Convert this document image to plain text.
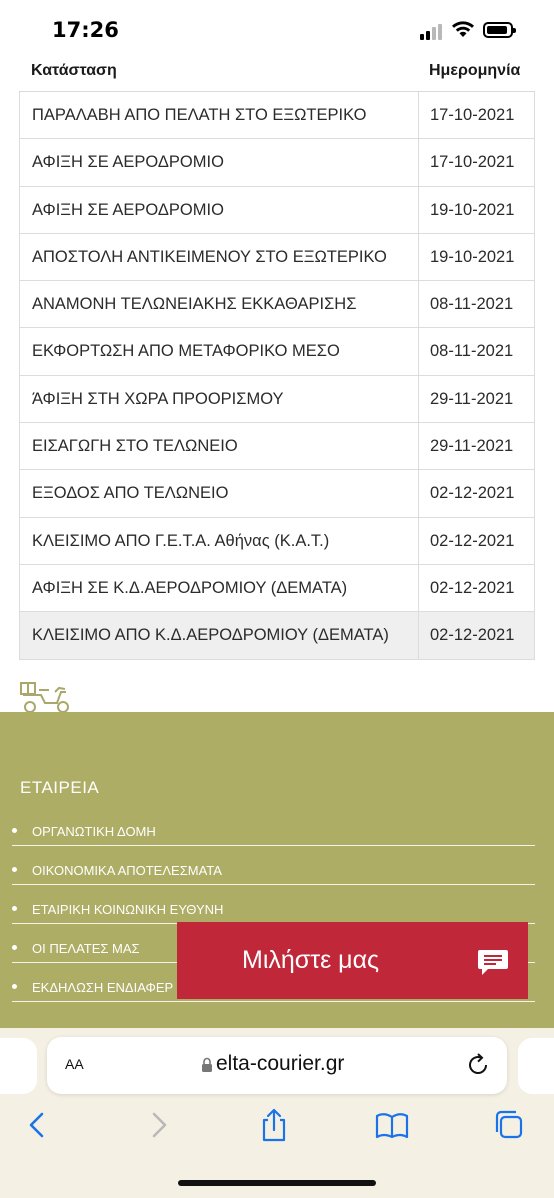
17:26
Κατάσταση	Ημερομηνία
ΠΑΡΑΛΑΒΗ ΑΠΟ ΠΕΛΑΤΗ ΣΤΟ ΕΞΩΤΕΡΙΚΟ	17-10-2021
ΑΦΙΞΗ ΣΕ ΑΕΡΟΔΡΟΜΙΟ	17-10-2021
ΑΦΙΞΗ ΣΕ ΑΕΡΟΔΡΟΜΙΟ	19-10-2021
ΑΠΟΣΤΟΛΗ ΑΝΤΙΚΕΙΜΕΝΟΥ ΣΤΟ ΕΞΩΤΕΡΙΚΟ	19-10-2021
ΑΝΑΜΟΝΗ ΤΕΛΩΝΕΙΑΚΗΣ ΕΚΚΑΘΑΡΙΣΗΣ	08-11-2021
ΕΚΦΟΡΤΩΣΗ ΑΠΟ ΜΕΤΑΦΟΡΙΚΟ ΜΕΣΟ	08-11-2021
ΆΦΙΞΗ ΣΤΗ ΧΩΡΑ ΠΡΟΟΡΙΣΜΟΥ	29-11-2021
ΕΙΣΑΓΩΓΗ ΣΤΟ ΤΕΛΩΝΕΙΟ	29-11-2021
ΕΞΟΔΟΣ ΑΠΟ ΤΕΛΩΝΕΙΟ	02-12-2021
ΚΛΕΙΣΙΜΟ ΑΠΟ Γ.Ε.Τ.Α. Αθήνας (Κ.Α.Τ.)	02-12-2021
ΑΦΙΞΗ ΣΕ Κ.Δ.ΑΕΡΟΔΡΟΜΙΟΥ (ΔΕΜΑΤΑ)	02-12-2021
ΚΛΕΙΣΙΜΟ ΑΠΟ Κ.Δ.ΑΕΡΟΔΡΟΜΙΟΥ (ΔΕΜΑΤΑ) 02-12-2021
ΕΤΑΙΡΕΙΑ
ΟΡΓΑΝΩΤΙΚΗ ΔΟΜΗ
ΟΙΚΟΝΟΜΙΚΑ ΑΠΟΤΕΛΕΣΜΑΤΑ
ΕΤΑΙΡΙΚΗ ΚΟΙΝΩΝΙΚΗ ΕΥΘΥΝΗ
ΟΙ ΠΕΛΑΤΕΣ ΜΑΣ
ΕΚΔΗΛΩΣΗ ΕΝΔΙΑΦΕΡ
Μιλήστε μας
AA	elta-courier.gr
